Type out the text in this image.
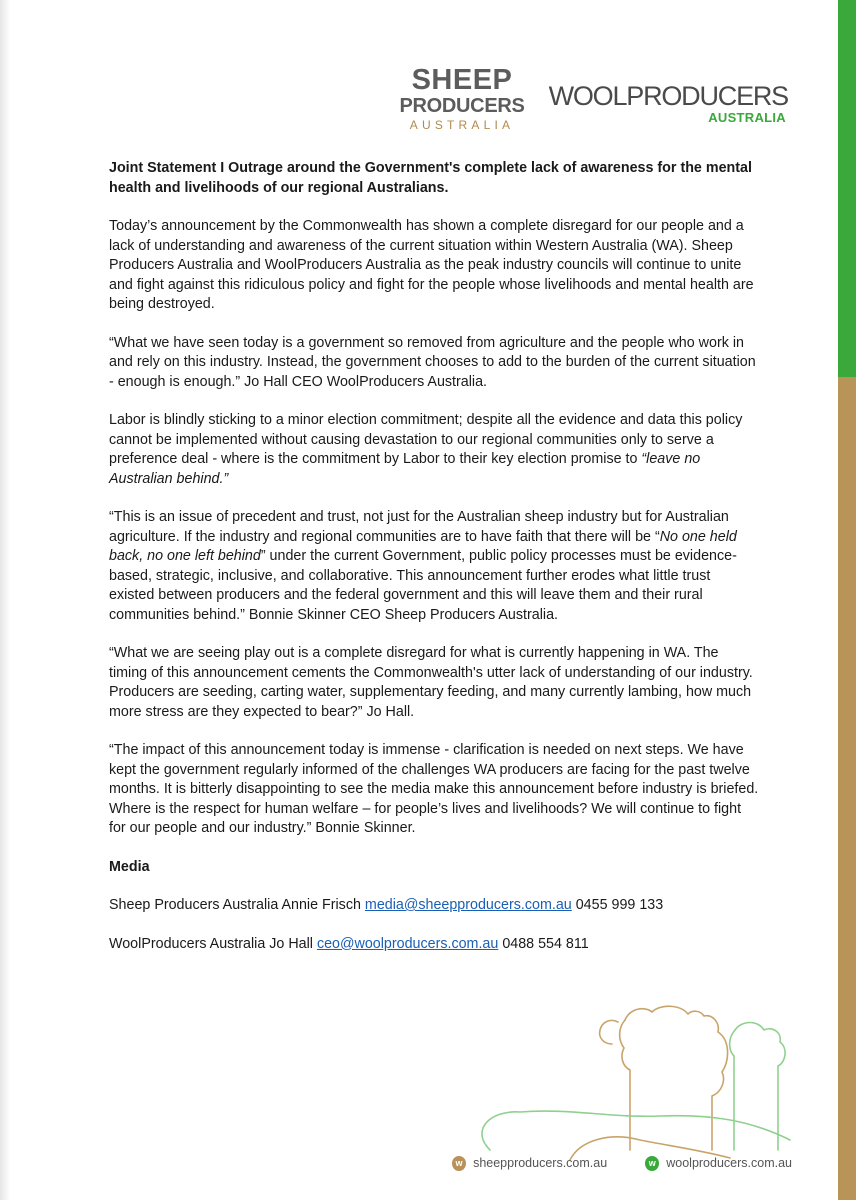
SHEEP
PRODUCERS
AUSTRALIA
WOOLPRODUCERS
AUSTRALIA

Joint Statement I Outrage around the Government's complete lack of awareness for the mental health and livelihoods of our regional Australians.

Today’s announcement by the Commonwealth has shown a complete disregard for our people and a lack of understanding and awareness of the current situation within Western Australia (WA). Sheep Producers Australia and WoolProducers Australia as the peak industry councils will continue to unite and fight against this ridiculous policy and fight for the people whose livelihoods and mental health are being destroyed.

“What we have seen today is a government so removed from agriculture and the people who work in and rely on this industry. Instead, the government chooses to add to the burden of the current situation - enough is enough.” Jo Hall CEO WoolProducers Australia.

Labor is blindly sticking to a minor election commitment; despite all the evidence and data this policy cannot be implemented without causing devastation to our regional communities only to serve a preference deal - where is the commitment by Labor to their key election promise to “leave no Australian behind.”

“This is an issue of precedent and trust, not just for the Australian sheep industry but for Australian agriculture. If the industry and regional communities are to have faith that there will be “No one held back, no one left behind” under the current Government, public policy processes must be evidence-based, strategic, inclusive, and collaborative. This announcement further erodes what little trust existed between producers and the federal government and this will leave them and their rural communities behind.” Bonnie Skinner CEO Sheep Producers Australia.

“What we are seeing play out is a complete disregard for what is currently happening in WA. The timing of this announcement cements the Commonwealth's utter lack of understanding of our industry. Producers are seeding, carting water, supplementary feeding, and many currently lambing, how much more stress are they expected to bear?” Jo Hall.

“The impact of this announcement today is immense - clarification is needed on next steps. We have kept the government regularly informed of the challenges WA producers are facing for the past twelve months. It is bitterly disappointing to see the media make this announcement before industry is briefed. Where is the respect for human welfare – for people’s lives and livelihoods? We will continue to fight for our people and our industry.” Bonnie Skinner.

Media

Sheep Producers Australia Annie Frisch media@sheepproducers.com.au 0455 999 133

WoolProducers Australia Jo Hall ceo@woolproducers.com.au 0488 554 811

w sheepproducers.com.au	w woolproducers.com.au
